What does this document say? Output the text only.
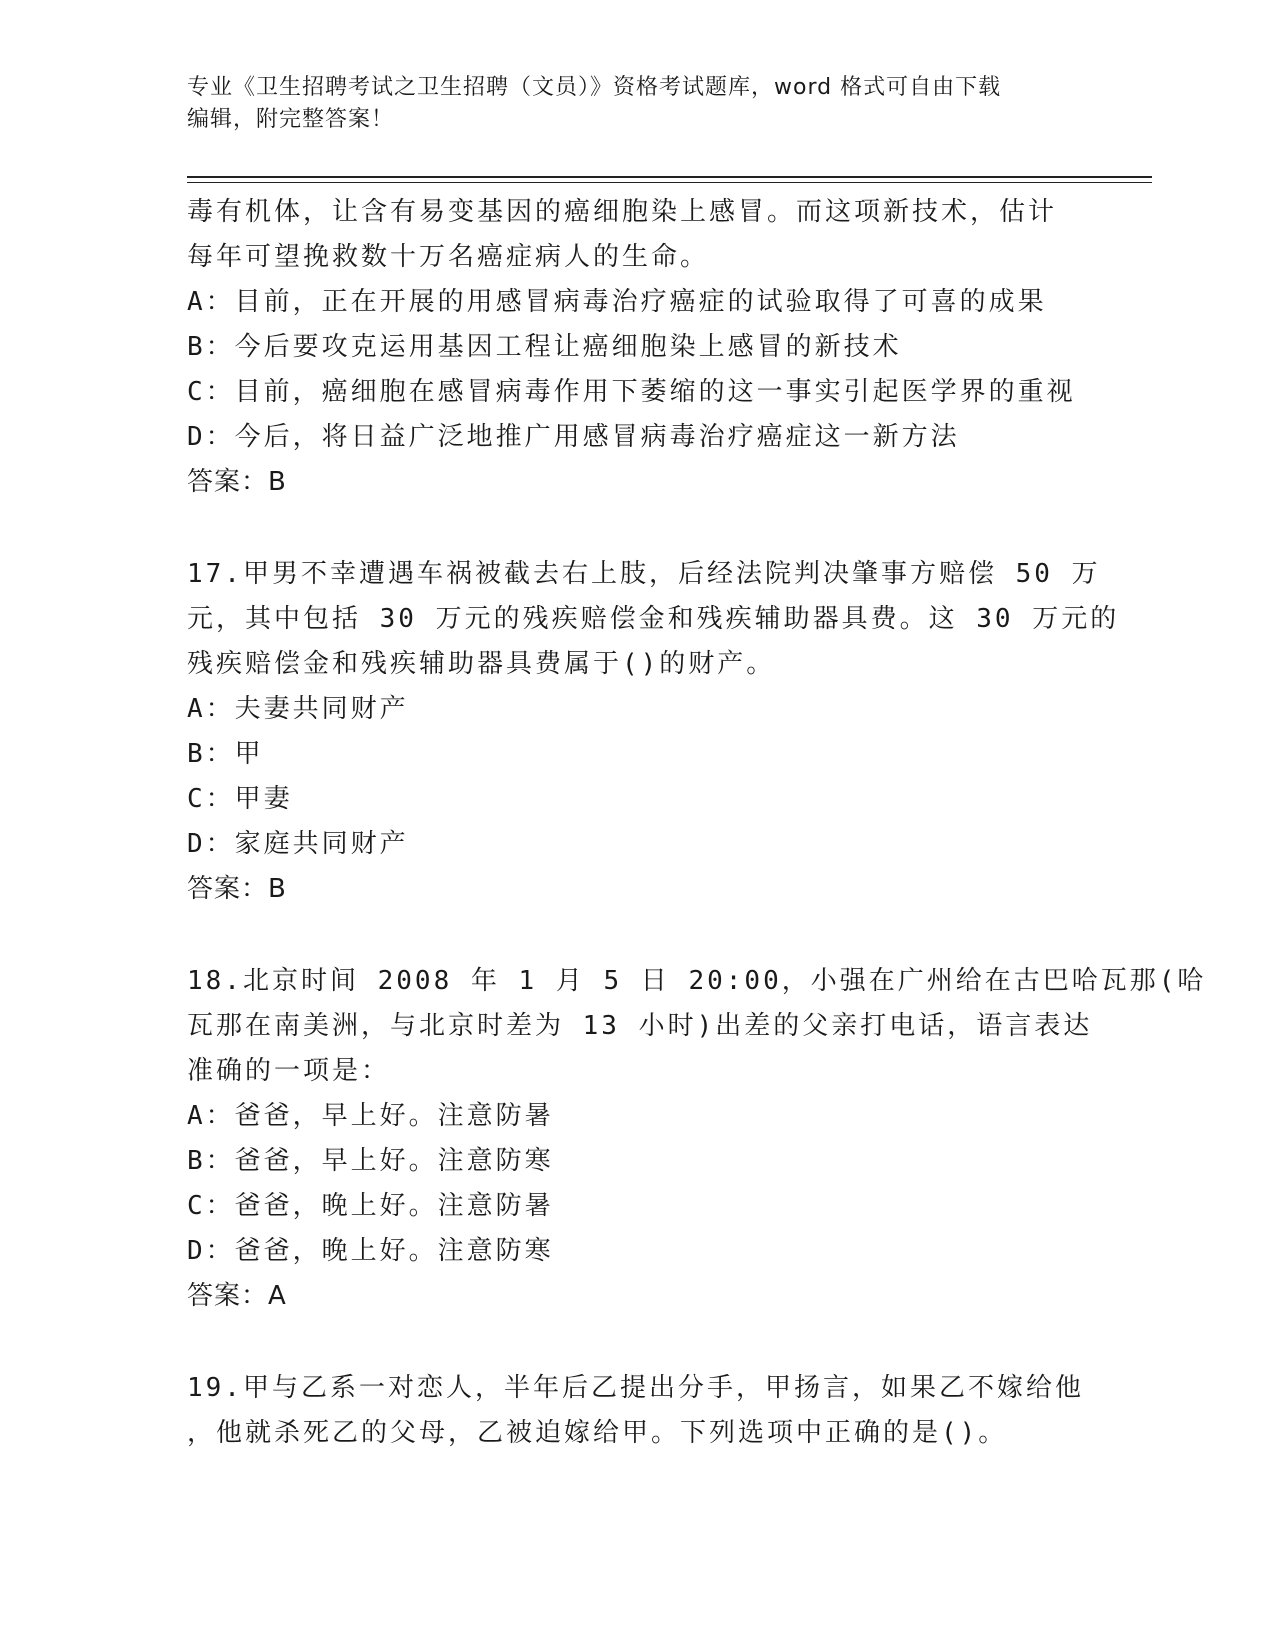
专业《卫生招聘考试之卫生招聘（文员）》资格考试题库，word 格式可自由下载
编辑，附完整答案！
毒有机体，让含有易变基因的癌细胞染上感冒。而这项新技术，估计
每年可望挽救数十万名癌症病人的生命。
A：目前，正在开展的用感冒病毒治疗癌症的试验取得了可喜的成果
B：今后要攻克运用基因工程让癌细胞染上感冒的新技术
C：目前，癌细胞在感冒病毒作用下萎缩的这一事实引起医学界的重视
D：今后，将日益广泛地推广用感冒病毒治疗癌症这一新方法
答案：B
17.甲男不幸遭遇车祸被截去右上肢，后经法院判决肇事方赔偿 50 万
元，其中包括 30 万元的残疾赔偿金和残疾辅助器具费。这 30 万元的
残疾赔偿金和残疾辅助器具费属于()的财产。
A：夫妻共同财产
B：甲
C：甲妻
D：家庭共同财产
答案：B
18.北京时间 2008 年 1 月 5 日 20:00，小强在广州给在古巴哈瓦那(哈
瓦那在南美洲，与北京时差为 13 小时)出差的父亲打电话，语言表达
准确的一项是：
A：爸爸，早上好。注意防暑
B：爸爸，早上好。注意防寒
C：爸爸，晚上好。注意防暑
D：爸爸，晚上好。注意防寒
答案：A
19.甲与乙系一对恋人，半年后乙提出分手，甲扬言，如果乙不嫁给他
，他就杀死乙的父母，乙被迫嫁给甲。下列选项中正确的是()。
